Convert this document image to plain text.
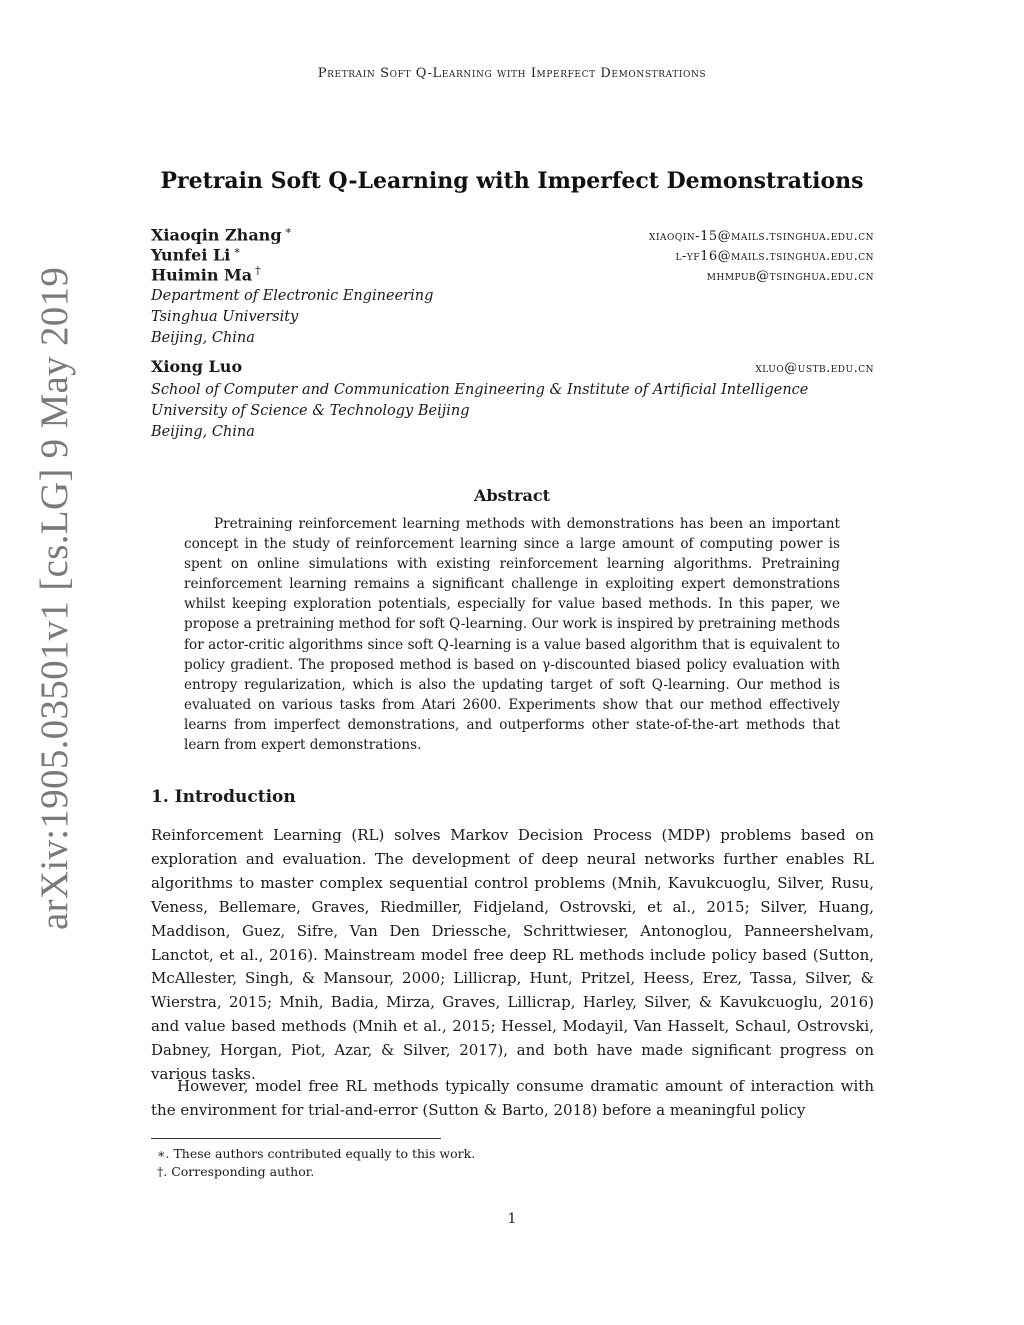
Pretrain Soft Q-Learning with Imperfect Demonstrations
arXiv:1905.03501v1 [cs.LG] 9 May 2019
Pretrain Soft Q-Learning with Imperfect Demonstrations
Xiaoqin Zhang ∗	xiaoqin-15@mails.tsinghua.edu.cn
Yunfei Li ∗	l-yf16@mails.tsinghua.edu.cn
Huimin Ma †	mhmpub@tsinghua.edu.cn
Department of Electronic Engineering
Tsinghua University
Beijing, China
Xiong Luo	xluo@ustb.edu.cn
School of Computer and Communication Engineering & Institute of Artificial Intelligence
University of Science & Technology Beijing
Beijing, China
Abstract

Pretraining reinforcement learning methods with demonstrations has been an important concept in the study of reinforcement learning since a large amount of computing power is spent on online simulations with existing reinforcement learning algorithms. Pretraining reinforcement learning remains a significant challenge in exploiting expert demonstrations whilst keeping exploration potentials, especially for value based methods. In this paper, we propose a pretraining method for soft Q-learning. Our work is inspired by pretraining methods for actor-critic algorithms since soft Q-learning is a value based algorithm that is equivalent to policy gradient. The proposed method is based on γ-discounted biased policy evaluation with entropy regularization, which is also the updating target of soft Q-learning. Our method is evaluated on various tasks from Atari 2600. Experiments show that our method effectively learns from imperfect demonstrations, and outperforms other state-of-the-art methods that learn from expert demonstrations.

1. Introduction

Reinforcement Learning (RL) solves Markov Decision Process (MDP) problems based on exploration and evaluation. The development of deep neural networks further enables RL algorithms to master complex sequential control problems (Mnih, Kavukcuoglu, Silver, Rusu, Veness, Bellemare, Graves, Riedmiller, Fidjeland, Ostrovski, et al., 2015; Silver, Huang, Maddison, Guez, Sifre, Van Den Driessche, Schrittwieser, Antonoglou, Panneershelvam, Lanctot, et al., 2016). Mainstream model free deep RL methods include policy based (Sutton, McAllester, Singh, & Mansour, 2000; Lillicrap, Hunt, Pritzel, Heess, Erez, Tassa, Silver, & Wierstra, 2015; Mnih, Badia, Mirza, Graves, Lillicrap, Harley, Silver, & Kavukcuoglu, 2016) and value based methods (Mnih et al., 2015; Hessel, Modayil, Van Hasselt, Schaul, Ostrovski, Dabney, Horgan, Piot, Azar, & Silver, 2017), and both have made significant progress on various tasks.

However, model free RL methods typically consume dramatic amount of interaction with the environment for trial-and-error (Sutton & Barto, 2018) before a meaningful policy

∗. These authors contributed equally to this work.
†. Corresponding author.
1
